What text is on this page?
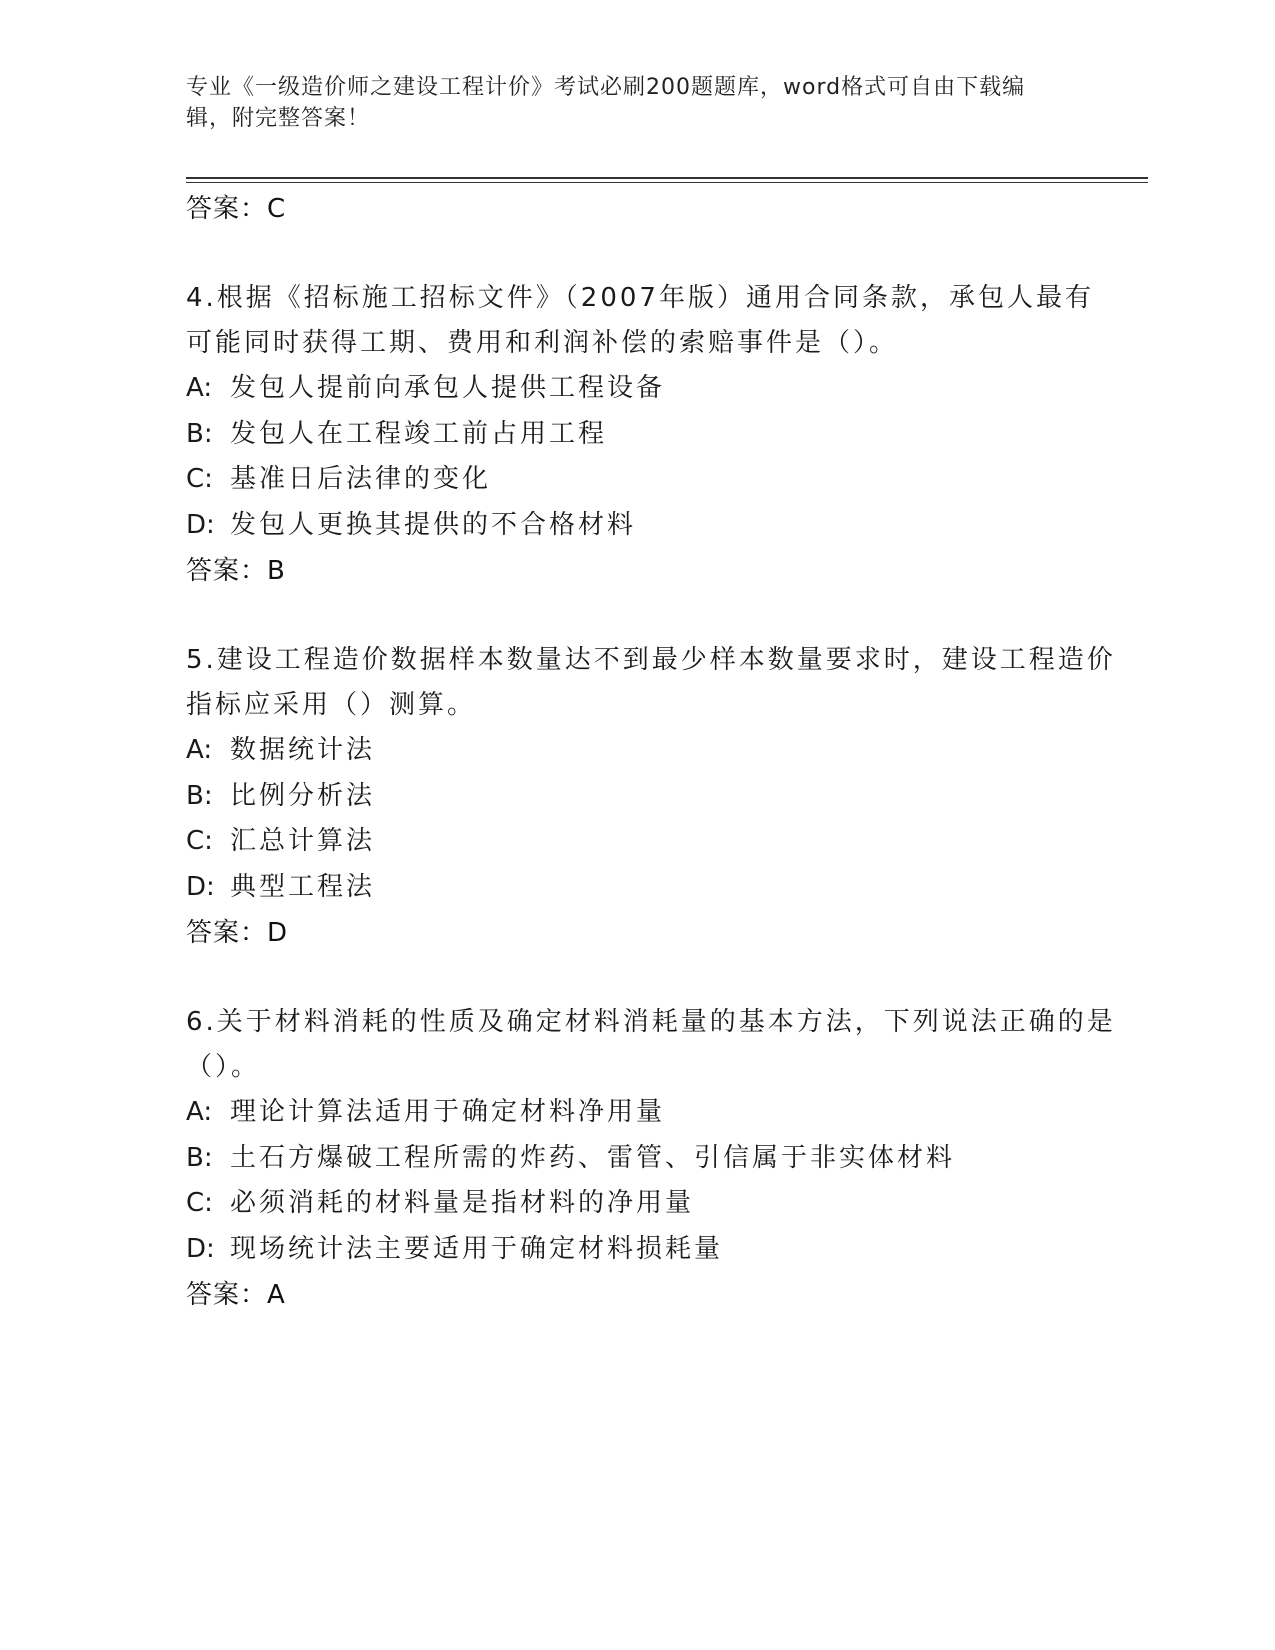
专业《一级造价师之建设工程计价》考试必刷200题题库，word格式可自由下载编辑，附完整答案！
答案：C
4.根据《招标施工招标文件》（2007年版）通用合同条款，承包人最有可能同时获得工期、费用和利润补偿的索赔事件是（）。
A: 发包人提前向承包人提供工程设备
B: 发包人在工程竣工前占用工程
C: 基准日后法律的变化
D: 发包人更换其提供的不合格材料
答案：B
5.建设工程造价数据样本数量达不到最少样本数量要求时，建设工程造价指标应采用（）测算。
A: 数据统计法
B: 比例分析法
C: 汇总计算法
D: 典型工程法
答案：D
6.关于材料消耗的性质及确定材料消耗量的基本方法，下列说法正确的是（）。
A: 理论计算法适用于确定材料净用量
B: 土石方爆破工程所需的炸药、雷管、引信属于非实体材料
C: 必须消耗的材料量是指材料的净用量
D: 现场统计法主要适用于确定材料损耗量
答案：A
